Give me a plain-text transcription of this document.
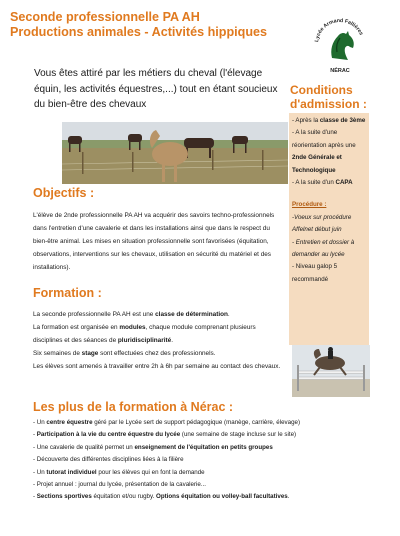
Seconde professionnelle PA AH
Productions animales - Activités hippiques
Lycée Armand Fallières
NÉRAC
Vous êtes attiré par les métiers du cheval (l'élevage équin, les activités équestres,...) tout en étant soucieux du bien-être des chevaux
Objectifs :
L'élève de 2nde professionnelle PA AH va acquérir des savoirs techno-professionnels dans l'entretien d'une cavalerie et dans les installations ainsi que dans le respect du bien-être animal. Les mises en situation professionnelle sont favorisées (équitation, observations, interventions sur les chevaux, utilisation en sécurité du matériel et des installations).
Formation :

La seconde professionnelle PA AH est une classe de détermination.

La formation est organisée en modules, chaque module comprenant plusieurs disciplines et des séances de pluridisciplinarité.

Six semaines de stage sont effectuées chez des professionnels.

Les élèves sont amenés à travailler entre 2h à 6h par semaine au contact des chevaux.

Les plus de la formation à Nérac :
- Un centre équestre géré par le Lycée sert de support pédagogique (manège, carrière, élevage)
- Participation à la vie du centre équestre du lycée (une semaine de stage incluse sur le site)
- Une cavalerie de qualité permet un enseignement de l'équitation en petits groupes
- Découverte des différentes disciplines liées à la filière
- Un tutorat individuel pour les élèves qui en font la demande
- Projet annuel : journal du lycée, présentation de la cavalerie...
- Sections sportives équitation et/ou rugby. Options équitation ou volley-ball facultatives.
Conditions
d'admission :
- Après la classe de 3ème
- A la suite d'une réorientation après une 2nde Générale et Technologique
- A la suite d'un CAPA
Procédure :
-Voeux sur procédure Affelnet début juin
- Entretien et dossier à demander au lycée
- Niveau galop 5 recommandé
